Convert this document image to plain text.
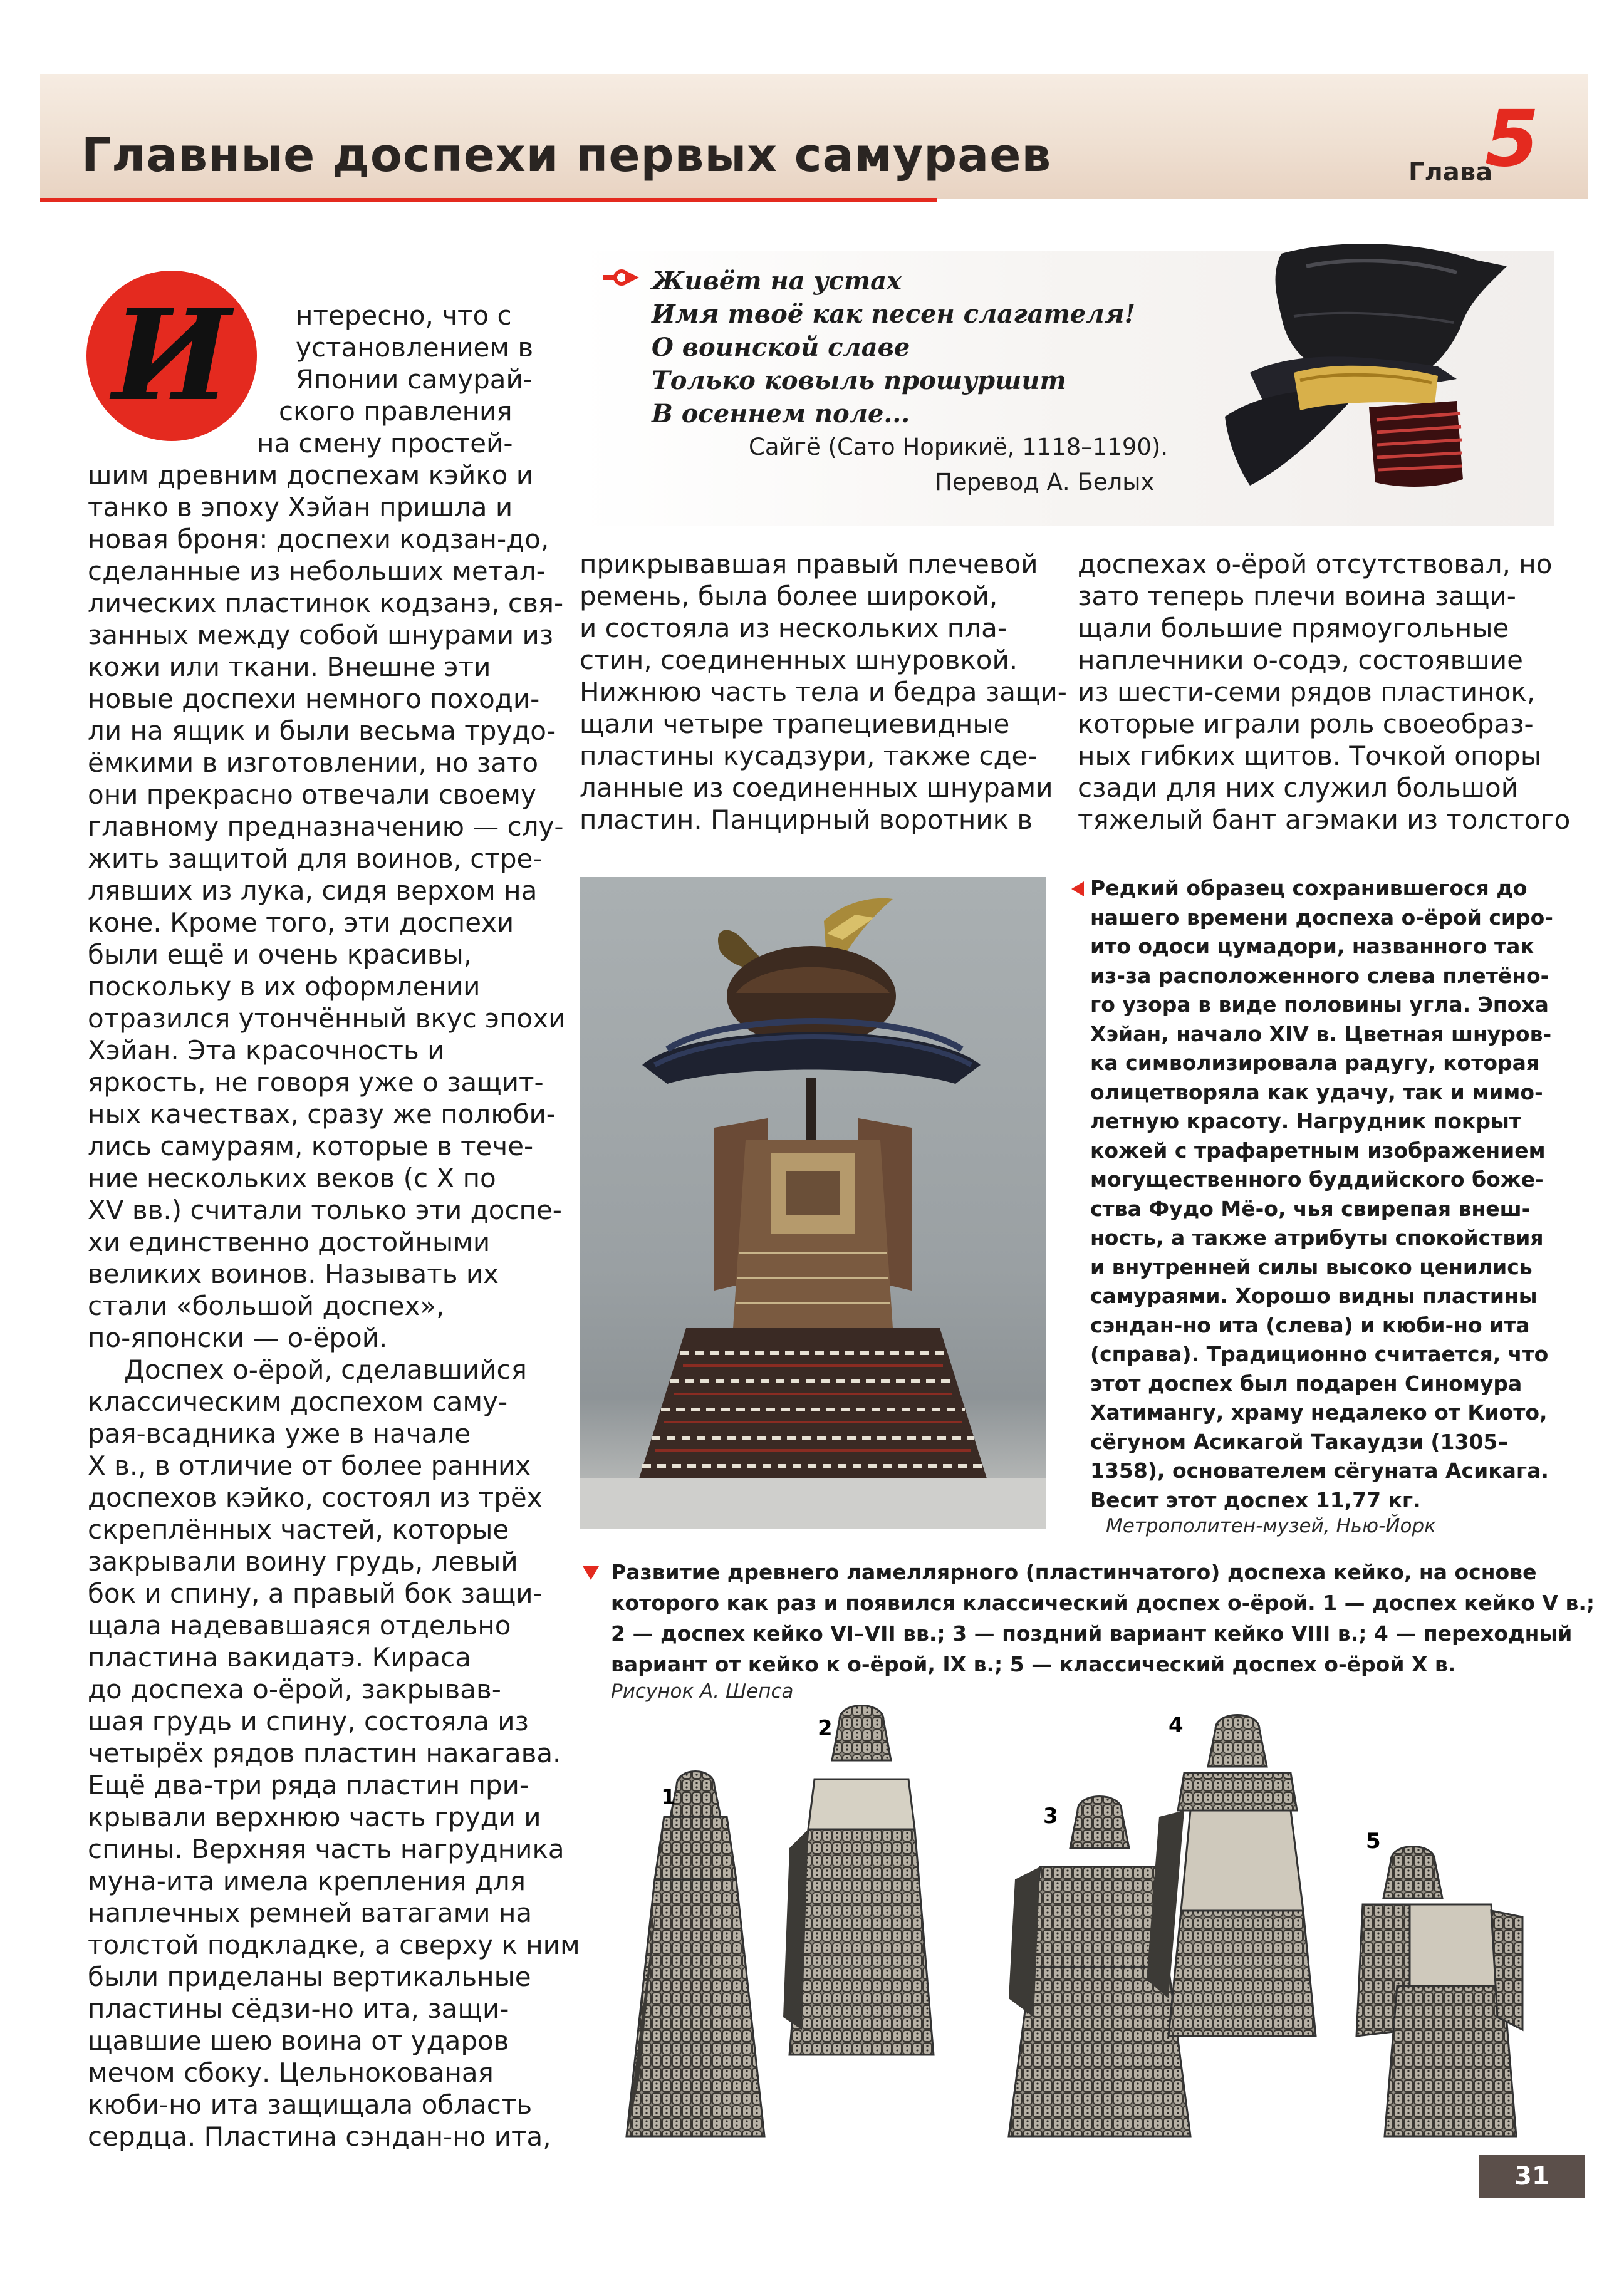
Главные доспехи первых самураев	Глава
5
И	нтересно, что с
установлением в
Японии самурай-
ского правления
на смену простей-
шим древним доспехам кэйко и
танко в эпоху Хэйан пришла и
новая броня: доспехи кодзан-до,
сделанные из небольших метал-
лических пластинок кодзанэ, свя-
занных между собой шнурами из
кожи или ткани. Внешне эти
новые доспехи немного походи-
ли на ящик и были весьма трудо-
ёмкими в изготовлении, но зато
они прекрасно отвечали своему
главному предназначению — слу-
жить защитой для воинов, стре-
лявших из лука, сидя верхом на
коне. Кроме того, эти доспехи
были ещё и очень красивы,
поскольку в их оформлении
отразился утончённый вкус эпохи
Хэйан. Эта красочность и
яркость, не говоря уже о защит-
ных качествах, сразу же полюби-
лись самураям, которые в тече-
ние нескольких веков (с X по
XV вв.) считали только эти доспе-
хи единственно достойными
великих воинов. Называть их
стали «большой доспех»,
по-японски — о-ёрой.
Доспех о-ёрой, сделавшийся
классическим доспехом саму-
рая-всадника уже в начале
X в., в отличие от более ранних
доспехов кэйко, состоял из трёх
скреплённых частей, которые
закрывали воину грудь, левый
бок и спину, а правый бок защи-
щала надевавшаяся отдельно
пластина вакидатэ. Кираса
до доспеха о-ёрой, закрывав-
шая грудь и спину, состояла из
четырёх рядов пластин накагава.
Ещё два-три ряда пластин при-
крывали верхнюю часть груди и
спины. Верхняя часть нагрудника
муна-ита имела крепления для
наплечных ремней ватагами на
толстой подкладке, а сверху к ним
были приделаны вертикальные
пластины сёдзи-но ита, защи-
щавшие шею воина от ударов
мечом сбоку. Цельнокованая
кюби-но ита защищала область
сердца. Пластина сэндан-но ита,
Живёт на устах
Имя твоё как песен слагателя!
О воинской славе
Только ковыль прошуршит
В осеннем поле...
Сайгё (Сато Норикиё, 1118–1190).
Перевод А. Белых
прикрывавшая правый плечевой
ремень, была более широкой,
и состояла из нескольких пла-
стин, соединенных шнуровкой.
Нижнюю часть тела и бедра защи-
щали четыре трапециевидные
пластины кусадзури, также сде-
ланные из соединенных шнурами
пластин. Панцирный воротник в
доспехах о-ёрой отсутствовал, но
зато теперь плечи воина защи-
щали большие прямоугольные
наплечники о-содэ, состоявшие
из шести-семи рядов пластинок,
которые играли роль своеобраз-
ных гибких щитов. Точкой опоры
сзади для них служил большой
тяжелый бант агэмаки из толстого
Редкий образец сохранившегося до
нашего времени доспеха о-ёрой сиро-
ито одоси цумадори, названного так
из-за расположенного слева плетёно-
го узора в виде половины угла. Эпоха
Хэйан, начало XIV в. Цветная шнуров-
ка символизировала радугу, которая
олицетворяла как удачу, так и мимо-
летную красоту. Нагрудник покрыт
кожей с трафаретным изображением
могущественного буддийского боже-
ства Фудо Мё-о, чья свирепая внеш-
ность, а также атрибуты спокойствия
и внутренней силы высоко ценились
самураями. Хорошо видны пластины
сэндан-но ита (слева) и кюби-но ита
(справа). Традиционно считается, что
этот доспех был подарен Синомура
Хатимангу, храму недалеко от Киото,
сёгуном Асикагой Такаудзи (1305–
1358), основателем сёгуната Асикага.
Весит этот доспех 11,77 кг.
Метрополитен-музей, Нью-Йорк
Развитие древнего ламеллярного (пластинчатого) доспеха кейко, на основе
которого как раз и появился классический доспех о-ёрой. 1 — доспех кейко V в.;
2 — доспех кейко VI–VII вв.; 3 — поздний вариант кейко VIII в.; 4 — переходный
вариант от кейко к о-ёрой, IX в.; 5 — классический доспех о-ёрой X в.
Рисунок А. Шепса
1
2
3
4
5
31
